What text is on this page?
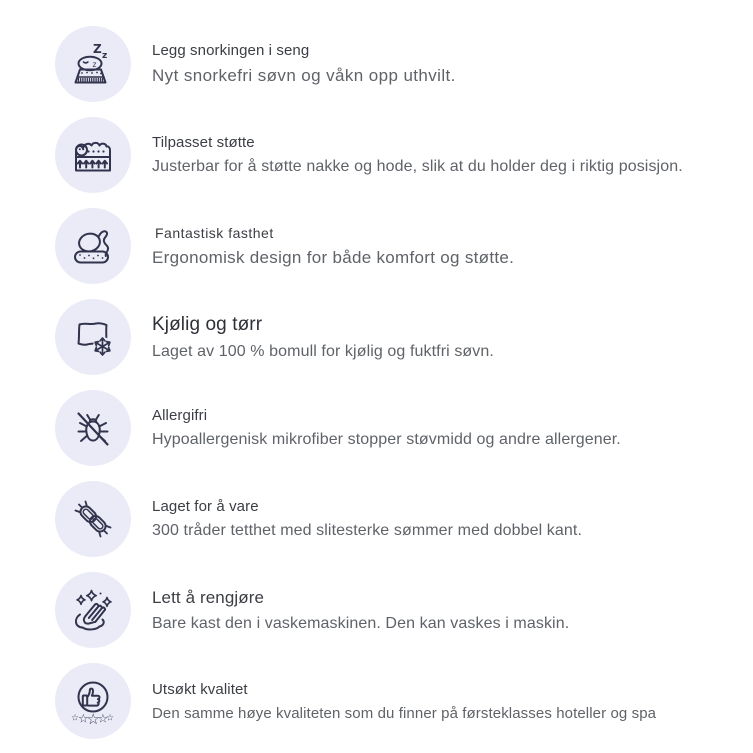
Z z
z
Legg snorkingen i seng
Nyt snorkefri søvn og våkn opp uthvilt.
Tilpasset støtte
Justerbar for å støtte nakke og hode, slik at du holder deg i riktig posisjon.
Fantastisk fasthet
Ergonomisk design for både komfort og støtte.
Kjølig og tørr
Laget av 100 % bomull for kjølig og fuktfri søvn.
Allergifri
Hypoallergenisk mikrofiber stopper støvmidd og andre allergener.
Laget for å vare
300 tråder tetthet med slitesterke sømmer med dobbel kant.
Lett å rengjøre
Bare kast den i vaskemaskinen. Den kan vaskes i maskin.
☆
☆
☆
☆
☆
Utsøkt kvalitet
Den samme høye kvaliteten som du finner på førsteklasses hoteller og spa
